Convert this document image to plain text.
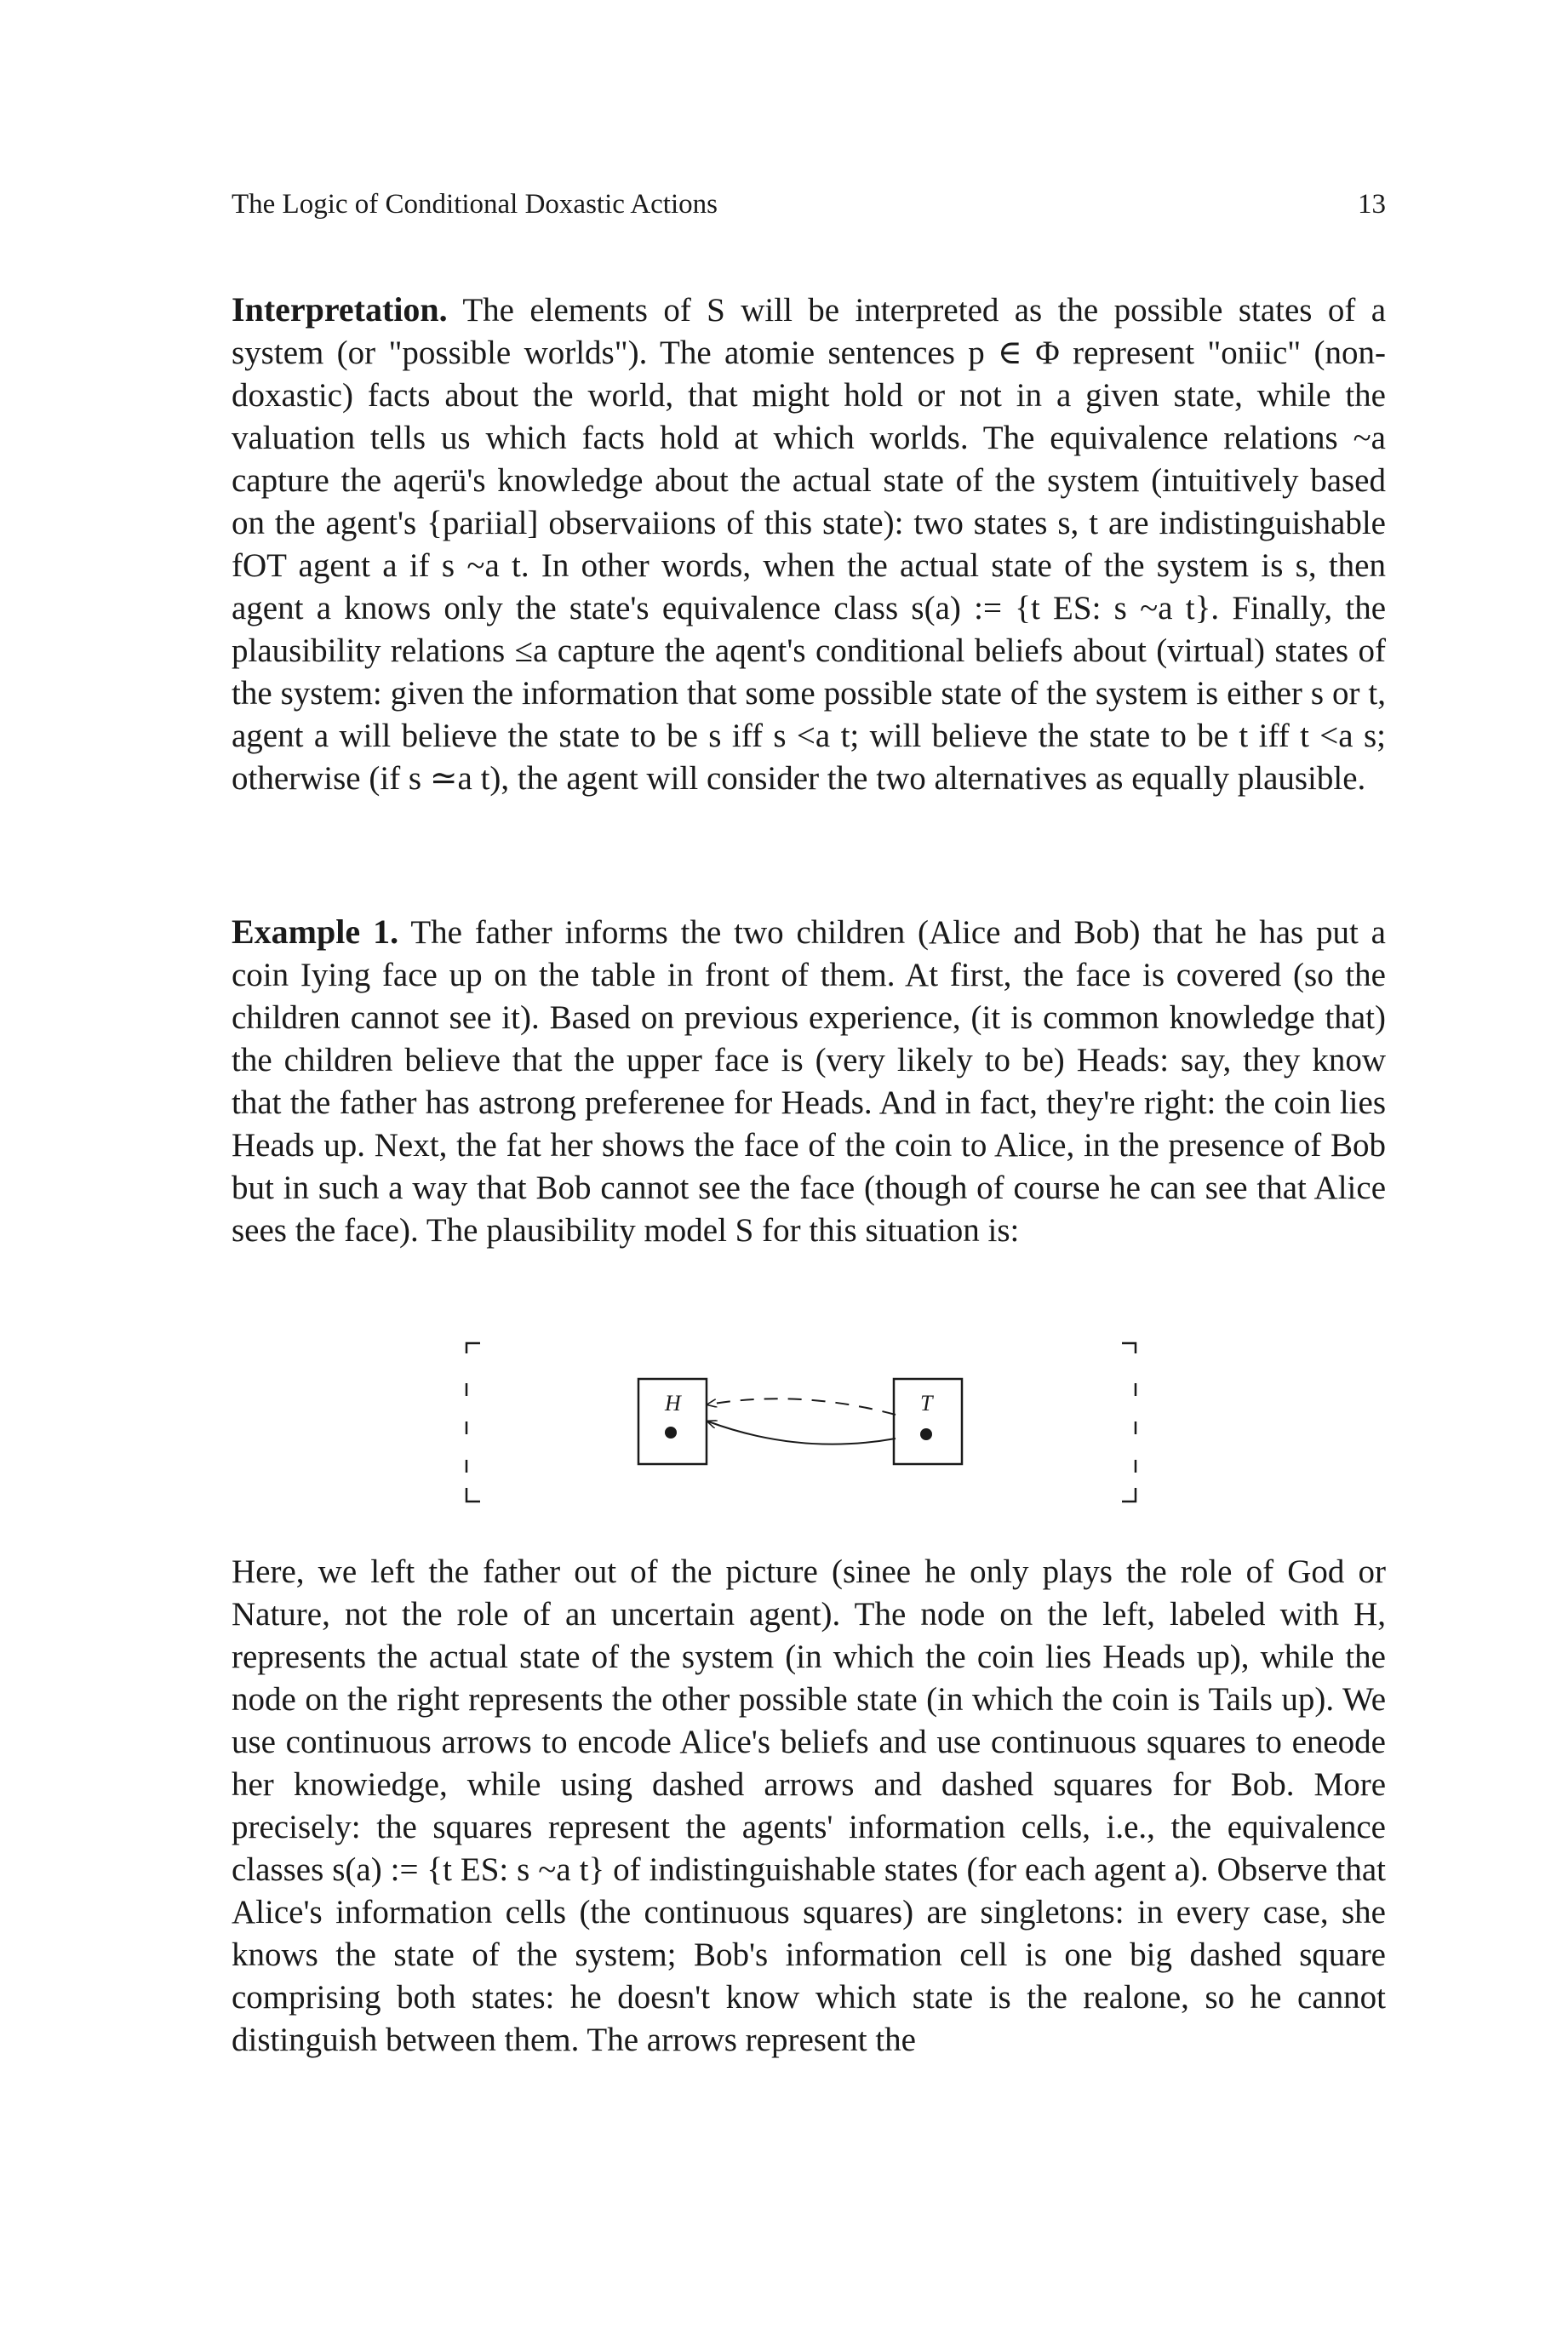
The Logic of Conditional Doxastic Actions	13

Interpretation. The elements of S will be interpreted as the possible states of a system (or "possible worlds"). The atomie sentences p ∈ Φ represent "oniic" (non-doxastic) facts about the world, that might hold or not in a given state, while the valuation tells us which facts hold at which worlds. The equivalence relations ~a capture the aqerü's knowledge about the actual state of the system (intuitively based on the agent's {pariial] observaiions of this state): two states s, t are indistinguishable fOT agent a if s ~a t. In other words, when the actual state of the system is s, then agent a knows only the state's equivalence class s(a) := {t ES: s ~a t}. Finally, the plausibility relations ≤a capture the aqent's conditional beliefs about (virtual) states of the system: given the information that some possible state of the system is either s or t, agent a will believe the state to be s iff s <a t; will believe the state to be t iff t <a s; otherwise (if s ≃a t), the agent will consider the two alternatives as equally plausible.

Example 1. The father informs the two children (Alice and Bob) that he has put a coin Iying face up on the table in front of them. At first, the face is covered (so the children cannot see it). Based on previous experience, (it is common knowledge that) the children believe that the upper face is (very likely to be) Heads: say, they know that the father has astrong preferenee for Heads. And in fact, they're right: the coin lies Heads up. Next, the fat her shows the face of the coin to Alice, in the presence of Bob but in such a way that Bob cannot see the face (though of course he can see that Alice sees the face). The plausibility model S for this situation is:

H	T

Here, we left the father out of the picture (sinee he only plays the role of God or Nature, not the role of an uncertain agent). The node on the left, labeled with H, represents the actual state of the system (in which the coin lies Heads up), while the node on the right represents the other possible state (in which the coin is Tails up). We use continuous arrows to encode Alice's beliefs and use continuous squares to eneode her knowiedge, while using dashed arrows and dashed squares for Bob. More precisely: the squares represent the agents' information cells, i.e., the equivalence classes s(a) := {t ES: s ~a t} of indistinguishable states (for each agent a). Observe that Alice's information cells (the continuous squares) are singletons: in every case, she knows the state of the system; Bob's information cell is one big dashed square comprising both states: he doesn't know which state is the realone, so he cannot distinguish between them. The arrows represent the
